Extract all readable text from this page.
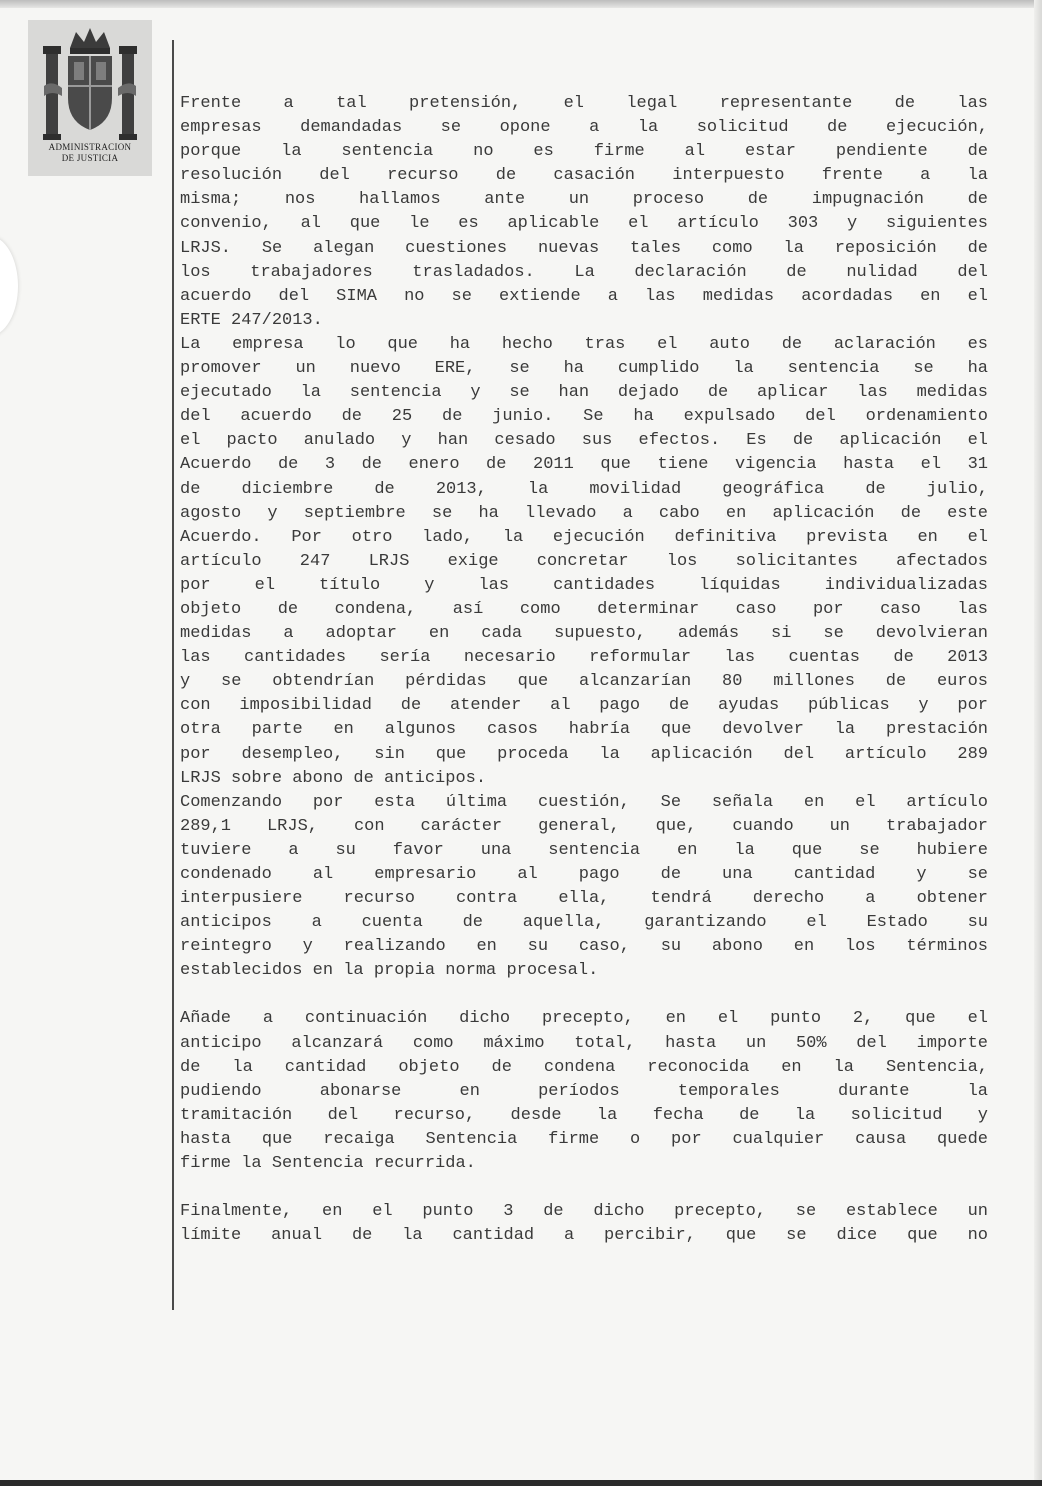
ADMINISTRACION
DE JUSTICIA
Frente a tal pretensión, el legal representante de las
empresas demandadas se opone a la solicitud de ejecución,
porque la sentencia no es firme al estar pendiente de
resolución del recurso de casación interpuesto frente a la
misma; nos hallamos ante un proceso de impugnación de
convenio, al que le es aplicable el artículo 303 y siguientes
LRJS. Se alegan cuestiones nuevas tales como la reposición de
los trabajadores trasladados. La declaración de nulidad del
acuerdo del SIMA no se extiende a las medidas acordadas en el
ERTE 247/2013.
La empresa lo que ha hecho tras el auto de aclaración es
promover un nuevo ERE, se ha cumplido la sentencia se ha
ejecutado la sentencia y se han dejado de aplicar las medidas
del acuerdo de 25 de junio. Se ha expulsado del ordenamiento
el pacto anulado y han cesado sus efectos. Es de aplicación el
Acuerdo de 3 de enero de 2011 que tiene vigencia hasta el 31
de diciembre de 2013, la movilidad geográfica de julio,
agosto y septiembre se ha llevado a cabo en aplicación de este
Acuerdo. Por otro lado, la ejecución definitiva prevista en el
artículo 247 LRJS exige concretar los solicitantes afectados
por el título y las cantidades líquidas individualizadas
objeto de condena, así como determinar caso por caso las
medidas a adoptar en cada supuesto, además si se devolvieran
las cantidades sería necesario reformular las cuentas de 2013
y se obtendrían pérdidas que alcanzarían 80 millones de euros
con imposibilidad de atender al pago de ayudas públicas y por
otra parte en algunos casos habría que devolver la prestación
por desempleo, sin que proceda la aplicación del artículo 289
LRJS sobre abono de anticipos.
Comenzando por esta última cuestión, Se señala en el artículo
289,1 LRJS, con carácter general, que, cuando un trabajador
tuviere a su favor una sentencia en la que se hubiere
condenado al empresario al pago de una cantidad y se
interpusiere recurso contra ella, tendrá derecho a obtener
anticipos a cuenta de aquella, garantizando el Estado su
reintegro y realizando en su caso, su abono en los términos
establecidos en la propia norma procesal.
Añade a continuación dicho precepto, en el punto 2, que el
anticipo alcanzará como máximo total, hasta un 50% del importe
de la cantidad objeto de condena reconocida en la Sentencia,
pudiendo abonarse en períodos temporales durante la
tramitación del recurso, desde la fecha de la solicitud y
hasta que recaiga Sentencia firme o por cualquier causa quede
firme la Sentencia recurrida.
Finalmente, en el punto 3 de dicho precepto, se establece un
límite anual de la cantidad a percibir, que se dice que no
